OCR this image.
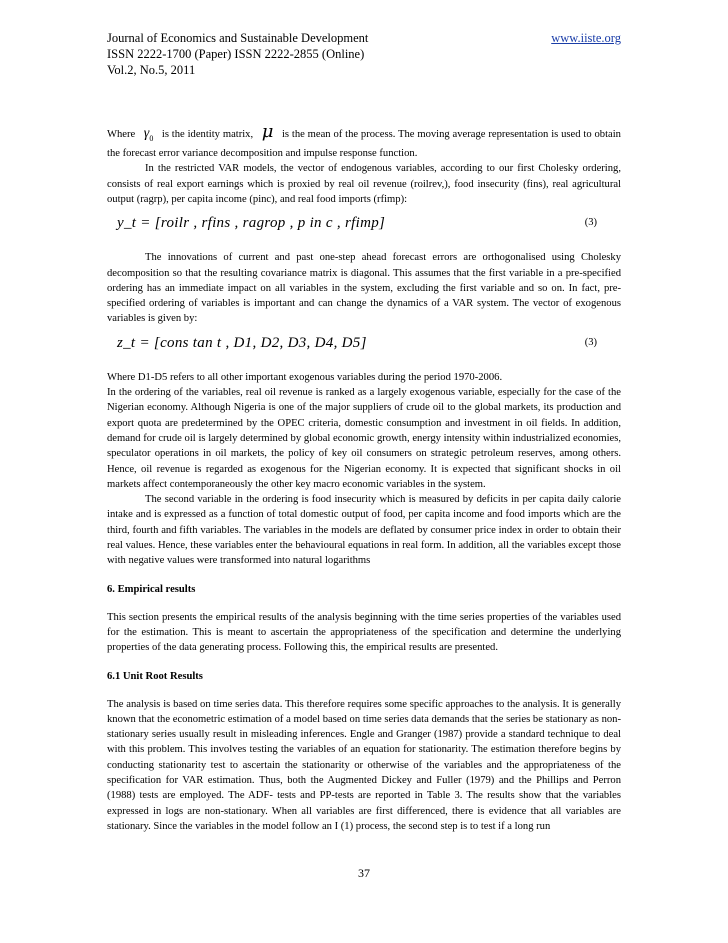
Journal of Economics and Sustainable Development	www.iiste.org
ISSN 2222-1700 (Paper) ISSN 2222-2855 (Online)
Vol.2, No.5, 2011

Where $\gamma_0$ is the identity matrix, μ is the mean of the process. The moving average representation is used to obtain the forecast error variance decomposition and impulse response function.

In the restricted VAR models, the vector of endogenous variables, according to our first Cholesky ordering, consists of real export earnings which is proxied by real oil revenue (roilrev,), food insecurity (fins), real agricultural output (ragrp), per capita income (pinc), and real food imports (rfimp):

y_t = [roilr , rfins , ragrop , p in c , rfimp]	(3)

The innovations of current and past one-step ahead forecast errors are orthogonalised using Cholesky decomposition so that the resulting covariance matrix is diagonal. This assumes that the first variable in a pre-specified ordering has an immediate impact on all variables in the system, excluding the first variable and so on. In fact, pre-specified ordering of variables is important and can change the dynamics of a VAR system. The vector of exogenous variables is given by:

z_t = [cons tan t , D1, D2, D3, D4, D5]	(3)

Where D1-D5 refers to all other important exogenous variables during the period 1970-2006.

In the ordering of the variables, real oil revenue is ranked as a largely exogenous variable, especially for the case of the Nigerian economy. Although Nigeria is one of the major suppliers of crude oil to the global markets, its production and export quota are predetermined by the OPEC criteria, domestic consumption and investment in oil fields. In addition, demand for crude oil is largely determined by global economic growth, energy intensity within industrialized economies, speculator operations in oil markets, the policy of key oil consumers on strategic petroleum reserves, among others. Hence, oil revenue is regarded as exogenous for the Nigerian economy. It is expected that significant shocks in oil markets affect contemporaneously the other key macro economic variables in the system.

The second variable in the ordering is food insecurity which is measured by deficits in per capita daily calorie intake and is expressed as a function of total domestic output of food, per capita income and food imports which are the third, fourth and fifth variables. The variables in the models are deflated by consumer price index in order to obtain their real values. Hence, these variables enter the behavioural equations in real form. In addition, all the variables except those with negative values were transformed into natural logarithms

6. Empirical results

This section presents the empirical results of the analysis beginning with the time series properties of the variables used for the estimation. This is meant to ascertain the appropriateness of the specification and determine the underlying properties of the data generating process. Following this, the empirical results are presented.

6.1 Unit Root Results

The analysis is based on time series data. This therefore requires some specific approaches to the analysis. It is generally known that the econometric estimation of a model based on time series data demands that the series be stationary as non-stationary series usually result in misleading inferences. Engle and Granger (1987) provide a standard technique to deal with this problem. This involves testing the variables of an equation for stationarity. The estimation therefore begins by conducting stationarity test to ascertain the stationarity or otherwise of the variables and the appropriateness of the specification for VAR estimation. Thus, both the Augmented Dickey and Fuller (1979) and the Phillips and Perron (1988) tests are employed. The ADF- tests and PP-tests are reported in Table 3. The results show that the variables expressed in logs are non-stationary. When all variables are first differenced, there is evidence that all variables are stationary. Since the variables in the model follow an I (1) process, the second step is to test if a long run

37
